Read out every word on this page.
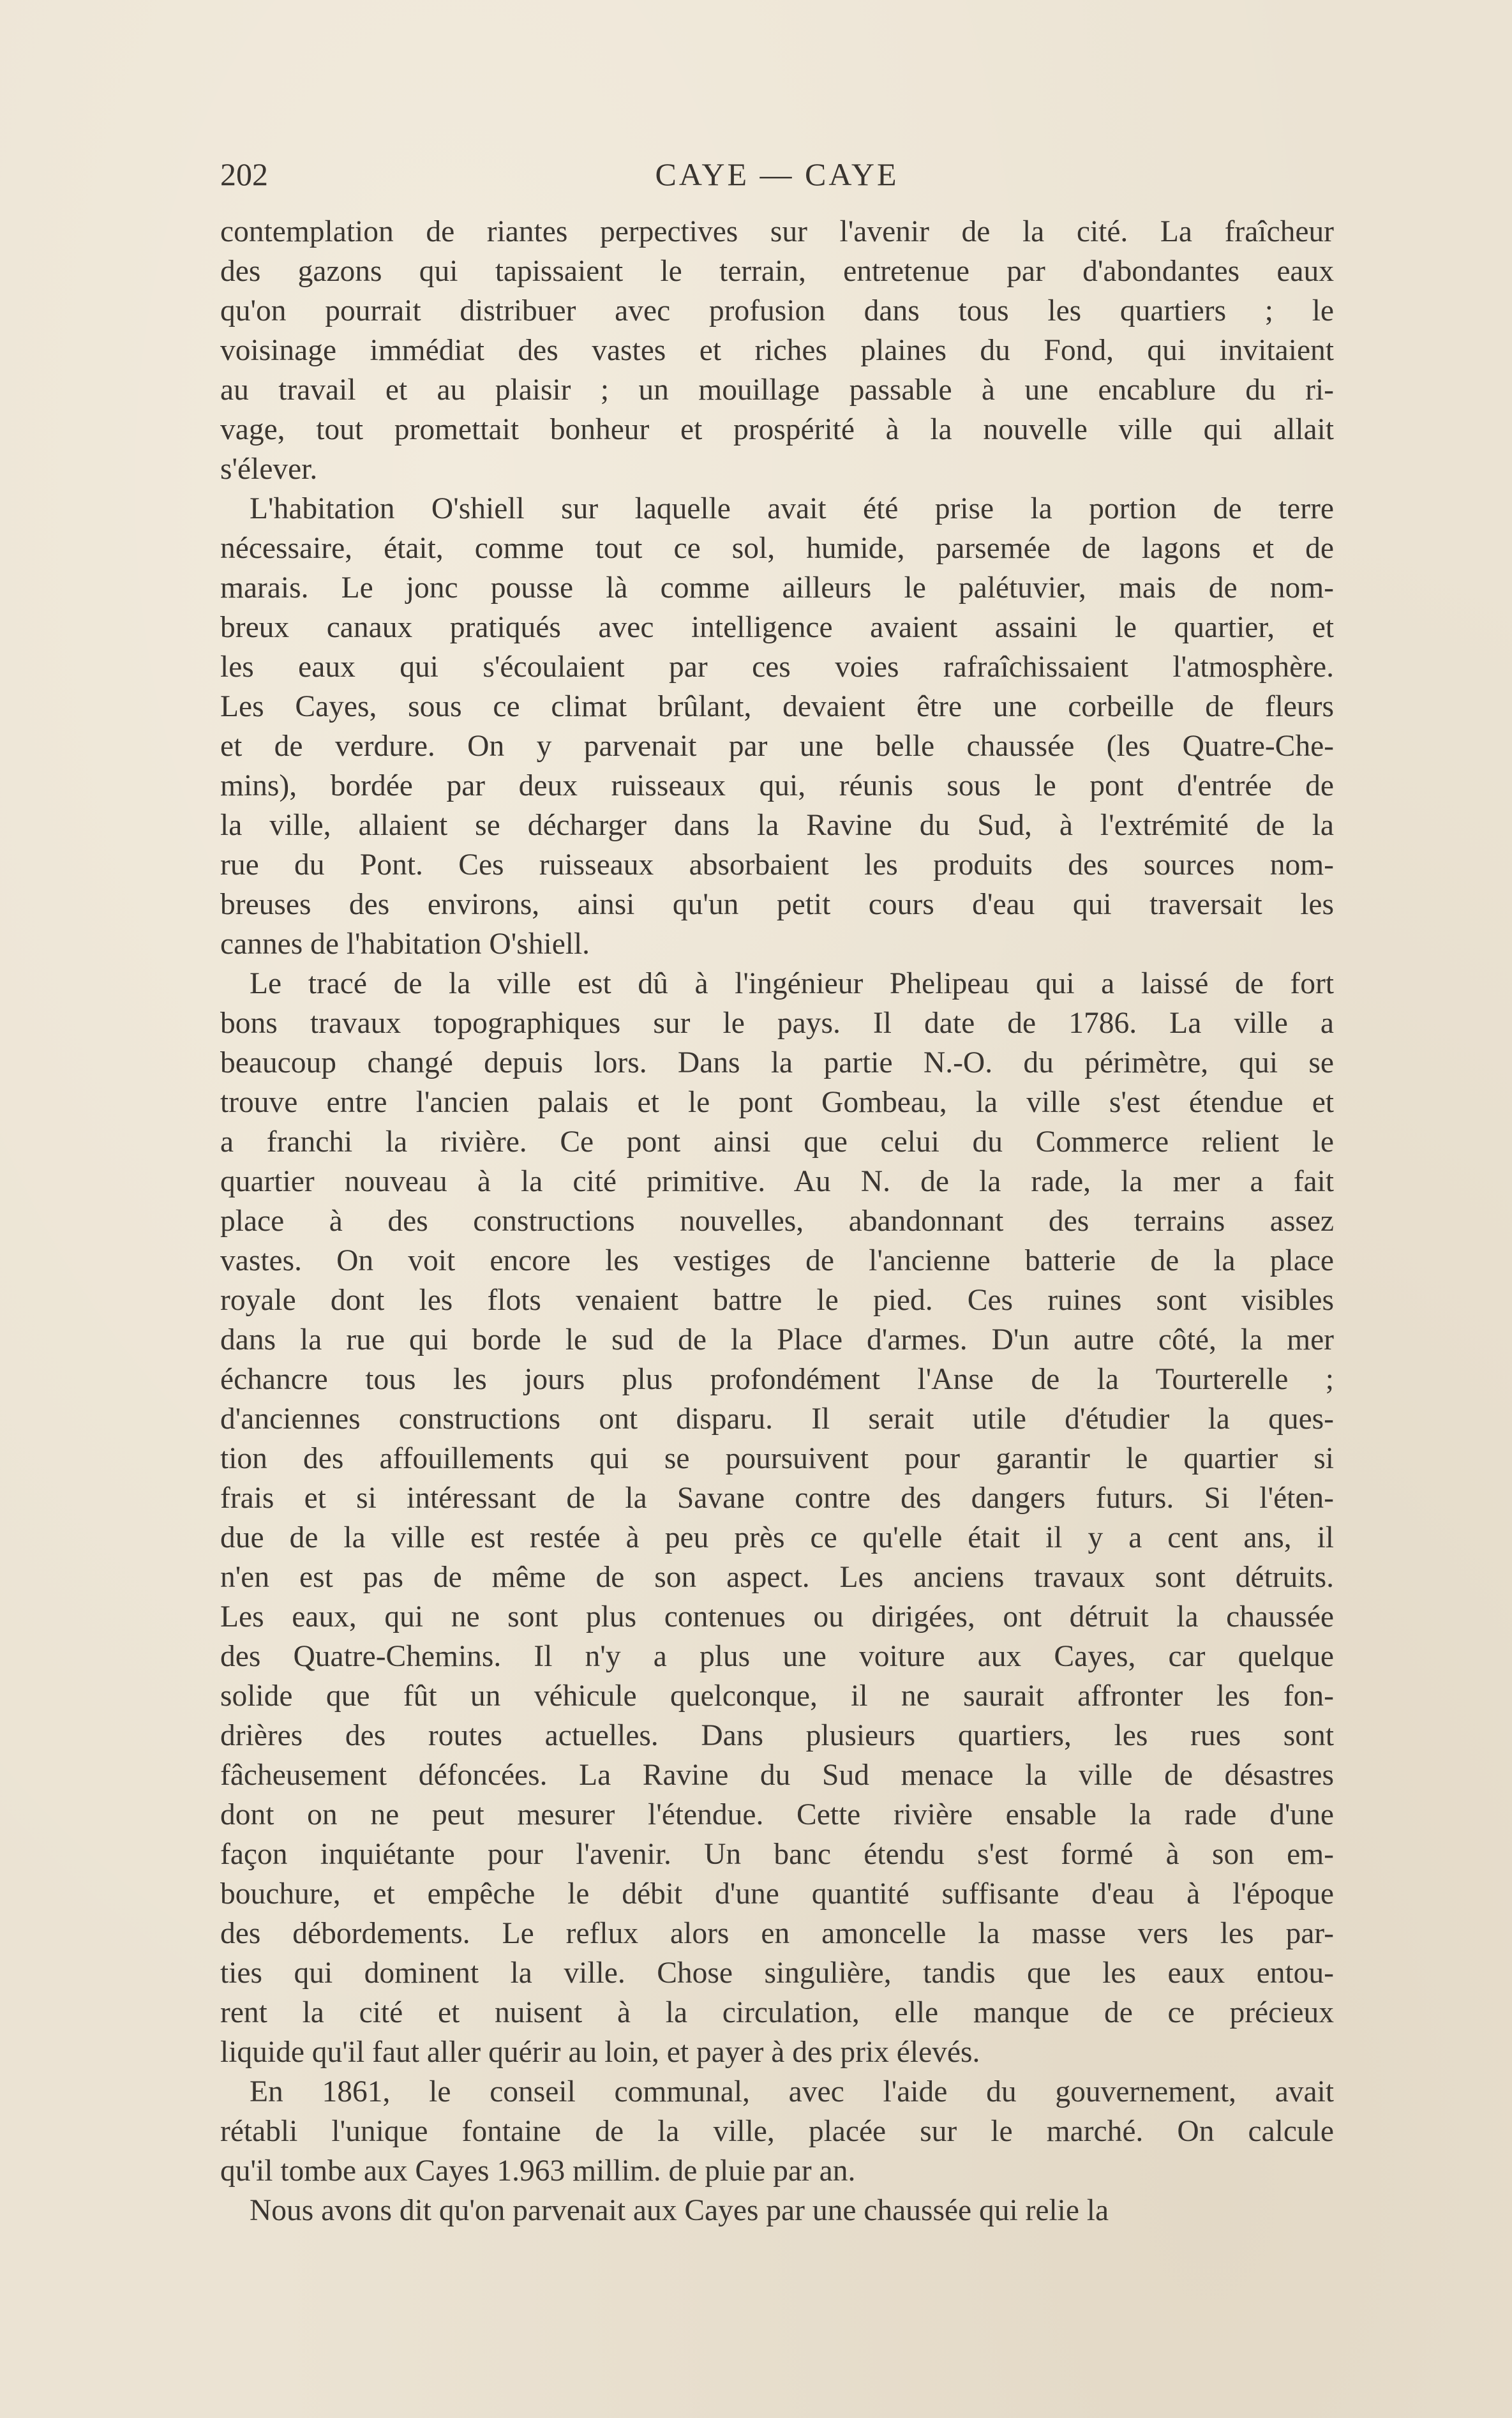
202	CAYE — CAYE
contemplation de riantes perpectives sur l'avenir de la cité. La fraîcheur
des gazons qui tapissaient le terrain, entretenue par d'abondantes eaux
qu'on pourrait distribuer avec profusion dans tous les quartiers ; le
voisinage immédiat des vastes et riches plaines du Fond, qui invitaient
au travail et au plaisir ; un mouillage passable à une encablure du ri-
vage, tout promettait bonheur et prospérité à la nouvelle ville qui allait
s'élever.
L'habitation O'shiell sur laquelle avait été prise la portion de terre
nécessaire, était, comme tout ce sol, humide, parsemée de lagons et de
marais. Le jonc pousse là comme ailleurs le palétuvier, mais de nom-
breux canaux pratiqués avec intelligence avaient assaini le quartier, et
les eaux qui s'écoulaient par ces voies rafraîchissaient l'atmosphère.
Les Cayes, sous ce climat brûlant, devaient être une corbeille de fleurs
et de verdure. On y parvenait par une belle chaussée (les Quatre-Che-
mins), bordée par deux ruisseaux qui, réunis sous le pont d'entrée de
la ville, allaient se décharger dans la Ravine du Sud, à l'extrémité de la
rue du Pont. Ces ruisseaux absorbaient les produits des sources nom-
breuses des environs, ainsi qu'un petit cours d'eau qui traversait les
cannes de l'habitation O'shiell.
Le tracé de la ville est dû à l'ingénieur Phelipeau qui a laissé de fort
bons travaux topographiques sur le pays. Il date de 1786. La ville a
beaucoup changé depuis lors. Dans la partie N.-O. du périmètre, qui se
trouve entre l'ancien palais et le pont Gombeau, la ville s'est étendue et
a franchi la rivière. Ce pont ainsi que celui du Commerce relient le
quartier nouveau à la cité primitive. Au N. de la rade, la mer a fait
place à des constructions nouvelles, abandonnant des terrains assez
vastes. On voit encore les vestiges de l'ancienne batterie de la place
royale dont les flots venaient battre le pied. Ces ruines sont visibles
dans la rue qui borde le sud de la Place d'armes. D'un autre côté, la mer
échancre tous les jours plus profondément l'Anse de la Tourterelle ;
d'anciennes constructions ont disparu. Il serait utile d'étudier la ques-
tion des affouillements qui se poursuivent pour garantir le quartier si
frais et si intéressant de la Savane contre des dangers futurs. Si l'éten-
due de la ville est restée à peu près ce qu'elle était il y a cent ans, il
n'en est pas de même de son aspect. Les anciens travaux sont détruits.
Les eaux, qui ne sont plus contenues ou dirigées, ont détruit la chaussée
des Quatre-Chemins. Il n'y a plus une voiture aux Cayes, car quelque
solide que fût un véhicule quelconque, il ne saurait affronter les fon-
drières des routes actuelles. Dans plusieurs quartiers, les rues sont
fâcheusement défoncées. La Ravine du Sud menace la ville de désastres
dont on ne peut mesurer l'étendue. Cette rivière ensable la rade d'une
façon inquiétante pour l'avenir. Un banc étendu s'est formé à son em-
bouchure, et empêche le débit d'une quantité suffisante d'eau à l'époque
des débordements. Le reflux alors en amoncelle la masse vers les par-
ties qui dominent la ville. Chose singulière, tandis que les eaux entou-
rent la cité et nuisent à la circulation, elle manque de ce précieux
liquide qu'il faut aller quérir au loin, et payer à des prix élevés.
En 1861, le conseil communal, avec l'aide du gouvernement, avait
rétabli l'unique fontaine de la ville, placée sur le marché. On calcule
qu'il tombe aux Cayes 1.963 millim. de pluie par an.
Nous avons dit qu'on parvenait aux Cayes par une chaussée qui relie la
